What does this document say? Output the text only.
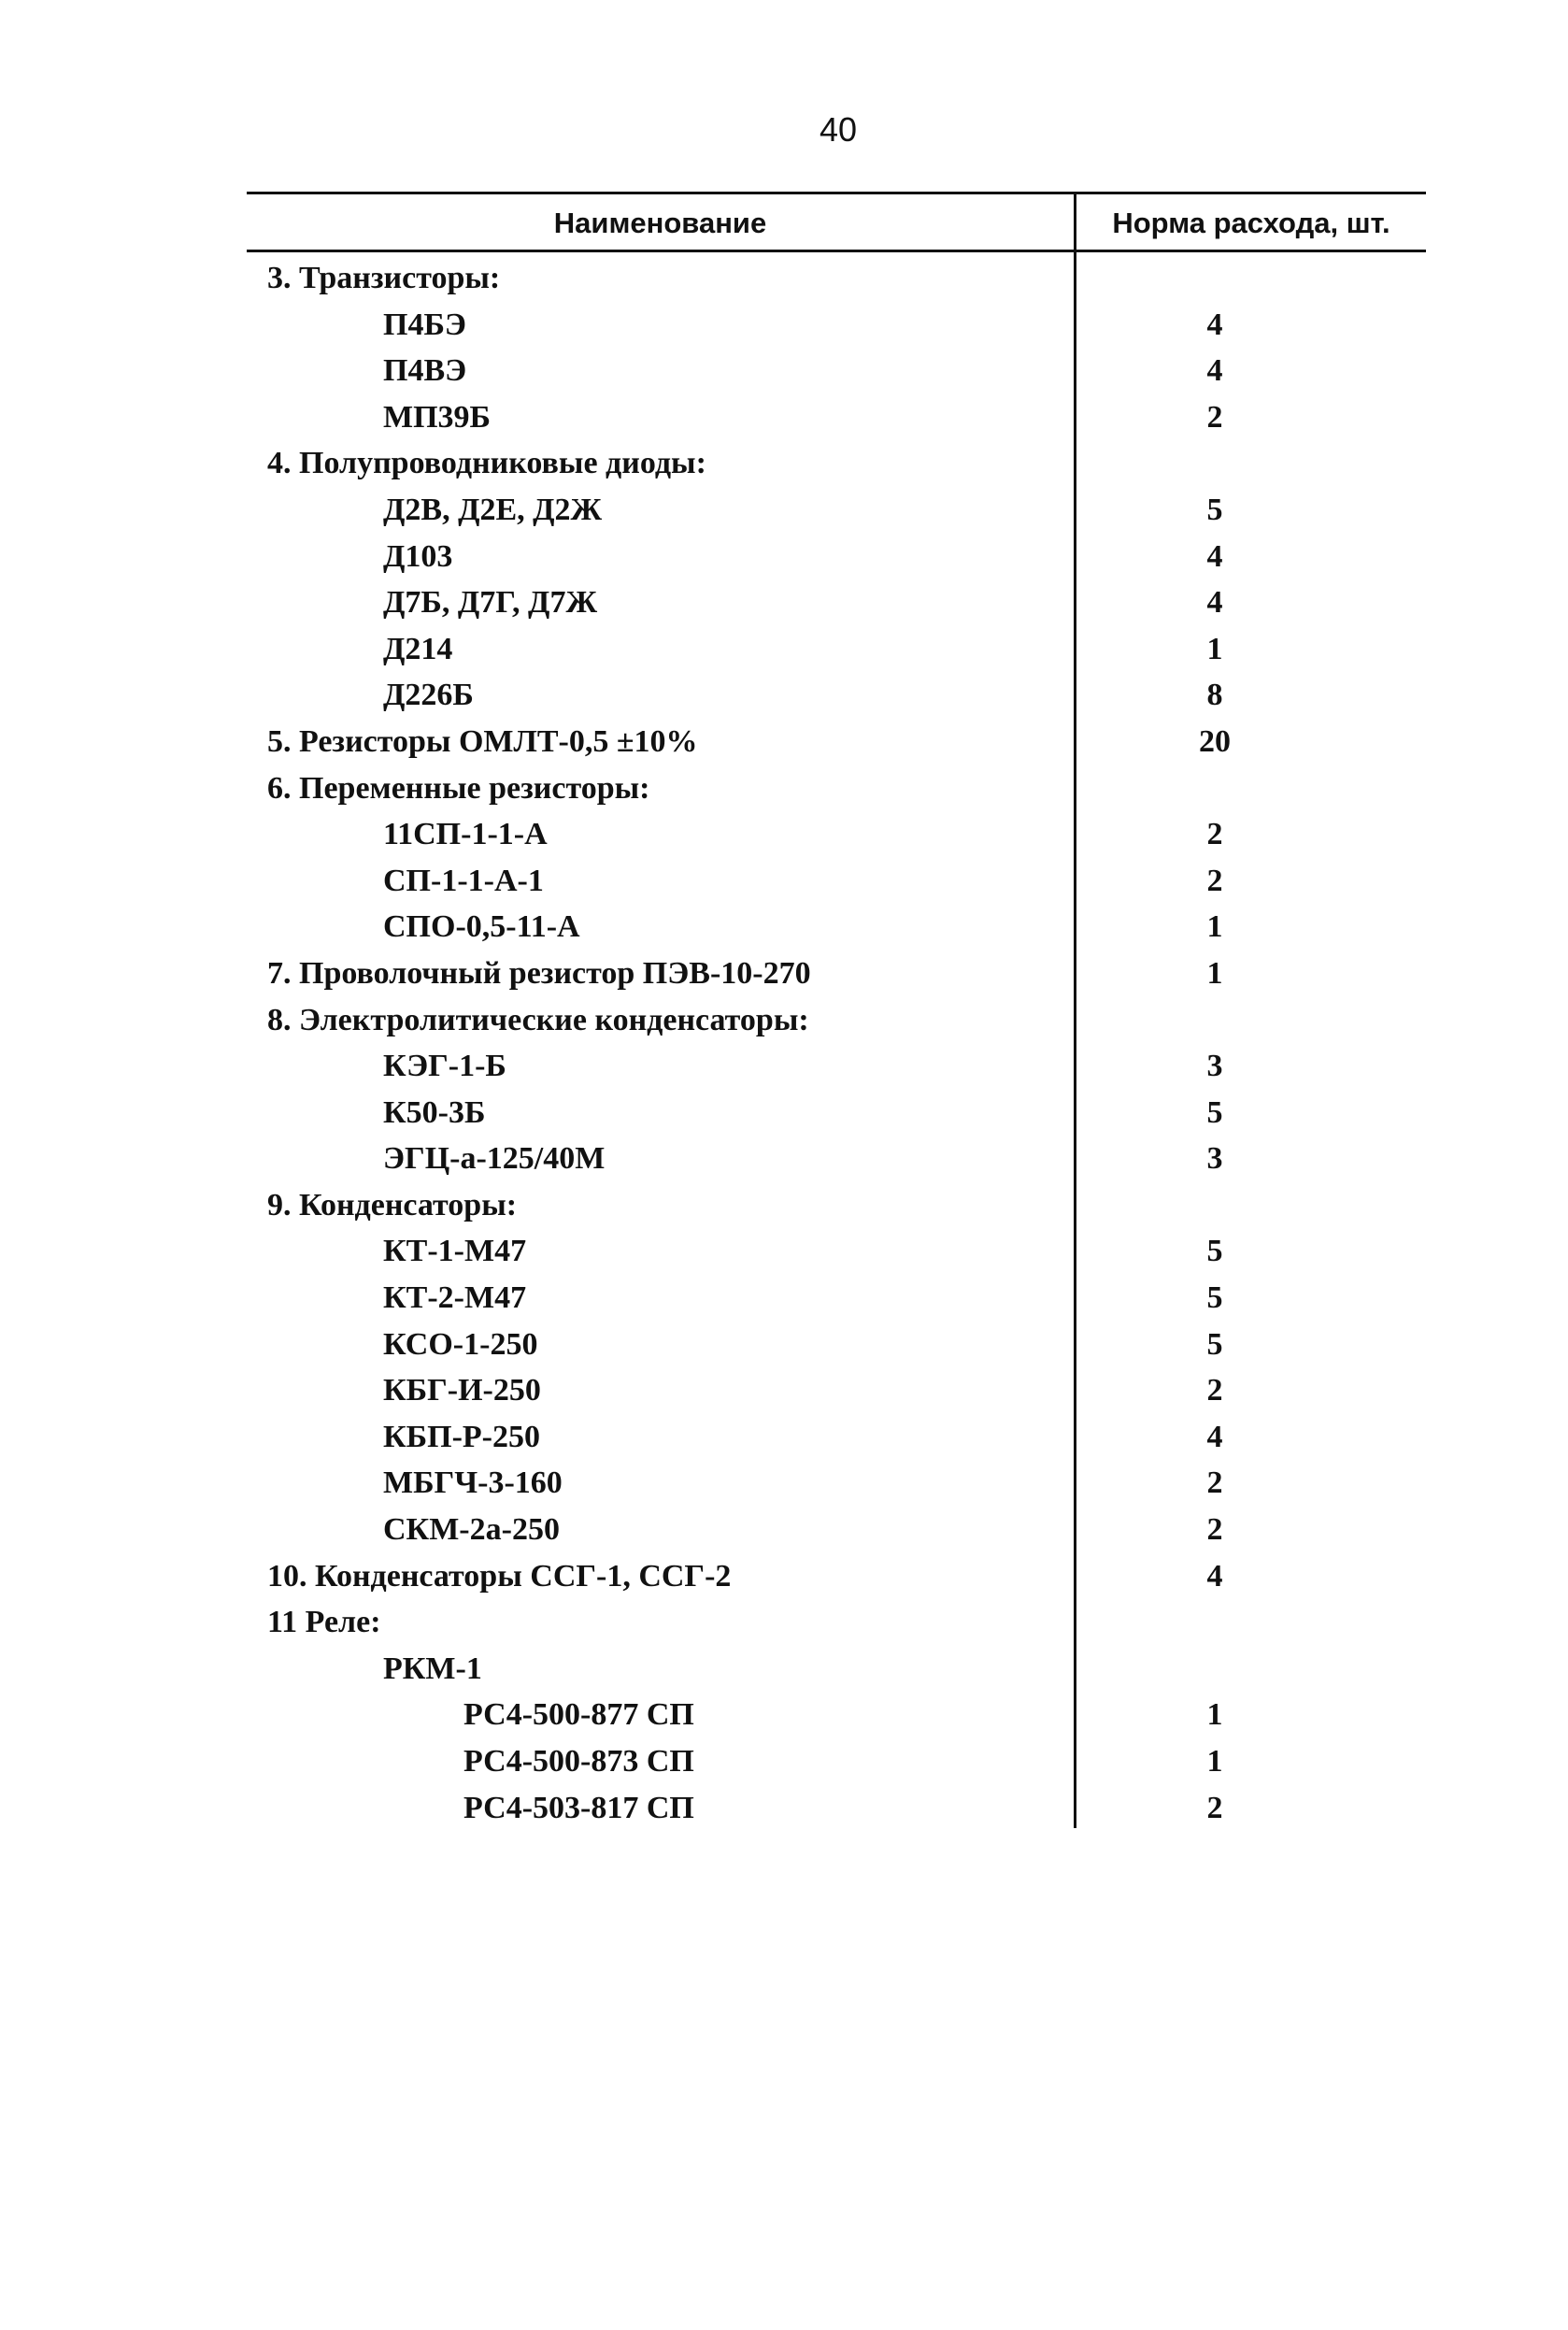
40
Наименование	Норма расхода, шт.
3. Транзисторы:
П4БЭ	4
П4ВЭ	4
МП39Б	2
4. Полупроводниковые диоды:
Д2В, Д2Е, Д2Ж	5
Д103	4
Д7Б, Д7Г, Д7Ж	4
Д214	1
Д226Б	8
5. Резисторы ОМЛТ-0,5 ±10%	20
6. Переменные резисторы:
11СП-1-1-А	2
СП-1-1-А-1	2
СПО-0,5-11-А	1
7. Проволочный резистор ПЭВ-10-270	1
8. Электролитические конденсаторы:
КЭГ-1-Б	3
К50-3Б	5
ЭГЦ-a-125/40М	3
9. Конденсаторы:
КТ-1-М47	5
КТ-2-М47	5
КСО-1-250	5
КБГ-И-250	2
КБП-Р-250	4
МБГЧ-3-160	2
СКМ-2а-250	2
10. Конденсаторы ССГ-1, ССГ-2	4
11 Реле:
РКМ-1
РС4-500-877 СП	1
РС4-500-873 СП	1
РС4-503-817 СП	2
